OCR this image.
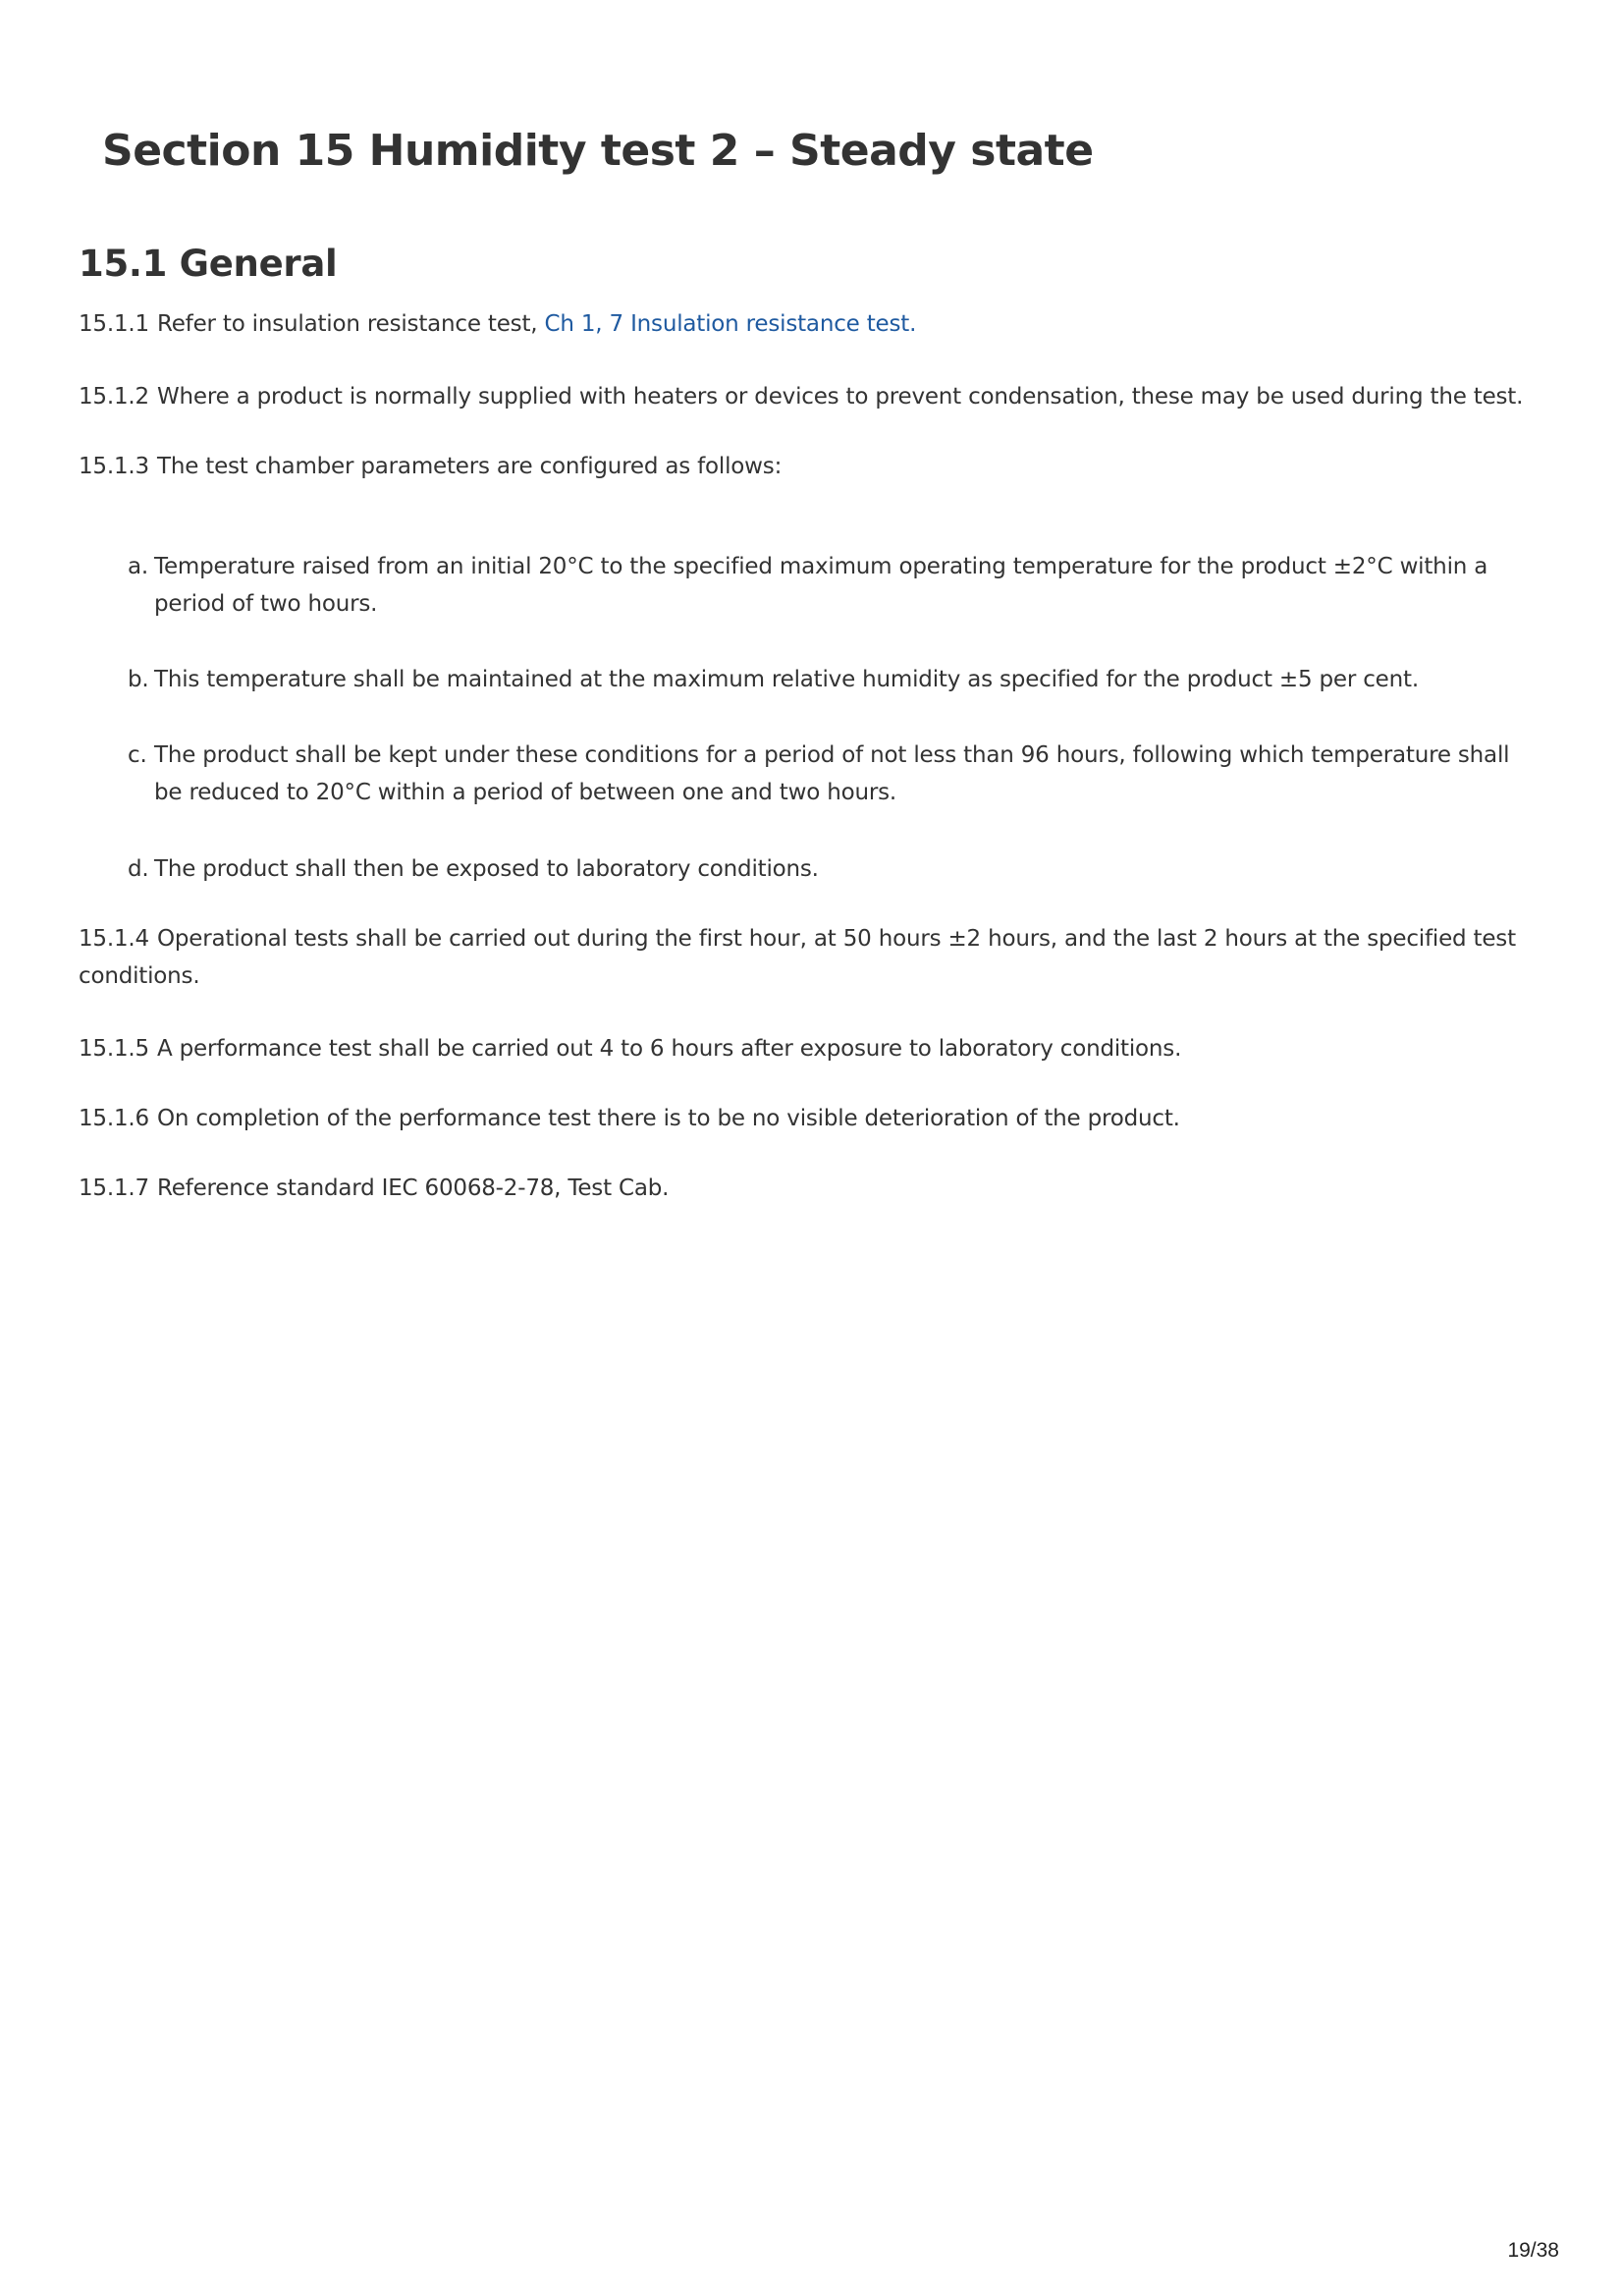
Section 15 Humidity test 2 – Steady state
15.1 General

15.1.1 Refer to insulation resistance test, Ch 1, 7 Insulation resistance test.

15.1.2 Where a product is normally supplied with heaters or devices to prevent condensation, these may be used during the test.

15.1.3 The test chamber parameters are configured as follows:

a. Temperature raised from an initial 20°C to the specified maximum operating temperature for the product ±2°C within a period of two hours.
b. This temperature shall be maintained at the maximum relative humidity as specified for the product ±5 per cent.
c. The product shall be kept under these conditions for a period of not less than 96 hours, following which temperature shall be reduced to 20°C within a period of between one and two hours.
d. The product shall then be exposed to laboratory conditions.

15.1.4 Operational tests shall be carried out during the first hour, at 50 hours ±2 hours, and the last 2 hours at the specified test conditions.

15.1.5 A performance test shall be carried out 4 to 6 hours after exposure to laboratory conditions.

15.1.6 On completion of the performance test there is to be no visible deterioration of the product.

15.1.7 Reference standard IEC 60068-2-78, Test Cab.

19/38
